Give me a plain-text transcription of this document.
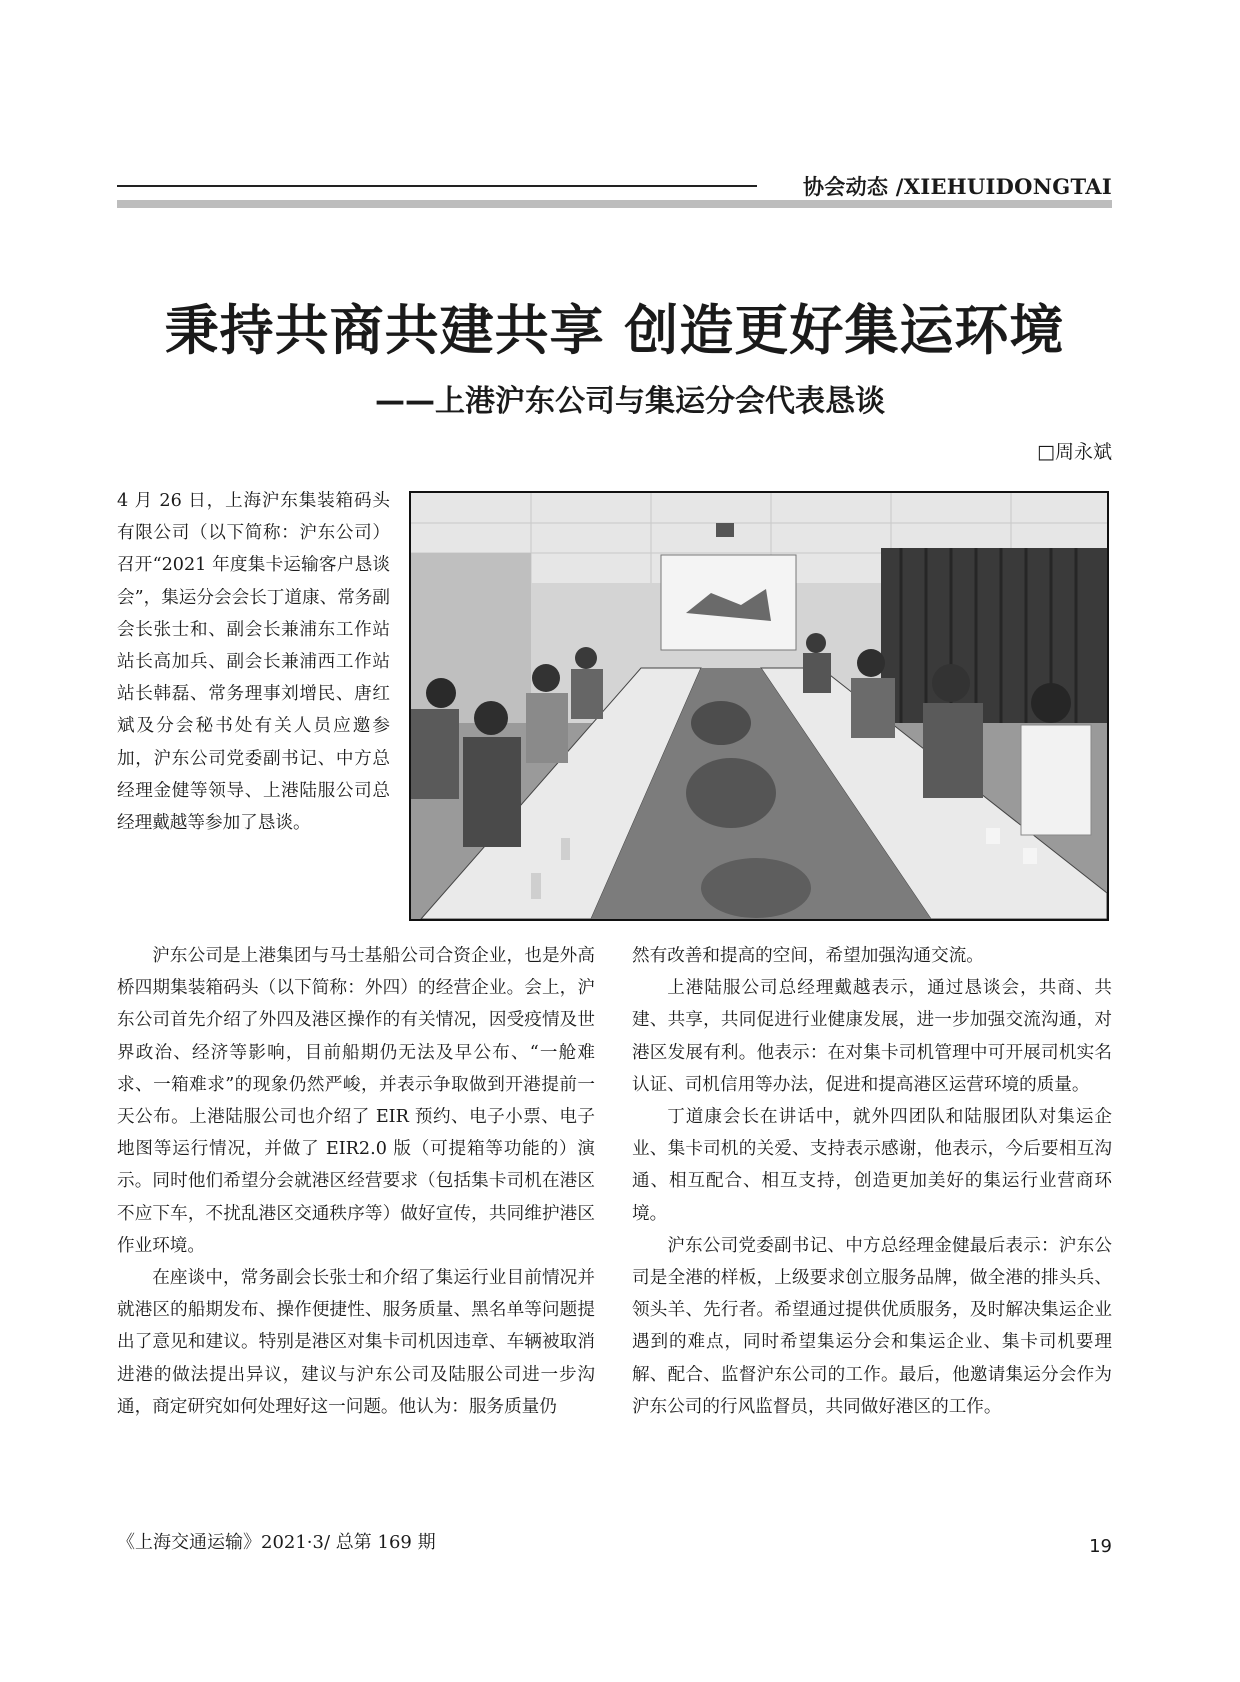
协会动态 /XIEHUIDONGTAI
秉持共商共建共享 创造更好集运环境
——上港沪东公司与集运分会代表恳谈
□周永斌

4 月 26 日，上海沪东集装箱码头有限公司（以下简称：沪东公司）召开“2021 年度集卡运输客户恳谈会”，集运分会会长丁道康、常务副会长张士和、副会长兼浦东工作站站长高加兵、副会长兼浦西工作站站长韩磊、常务理事刘增民、唐红斌及分会秘书处有关人员应邀参加，沪东公司党委副书记、中方总经理金健等领导、上港陆服公司总经理戴越等参加了恳谈。

沪东公司是上港集团与马士基船公司合资企业，也是外高桥四期集装箱码头（以下简称：外四）的经营企业。会上，沪东公司首先介绍了外四及港区操作的有关情况，因受疫情及世界政治、经济等影响，目前船期仍无法及早公布、“一舱难求、一箱难求”的现象仍然严峻，并表示争取做到开港提前一天公布。上港陆服公司也介绍了 EIR 预约、电子小票、电子地图等运行情况，并做了 EIR2.0 版（可提箱等功能的）演示。同时他们希望分会就港区经营要求（包括集卡司机在港区不应下车，不扰乱港区交通秩序等）做好宣传，共同维护港区作业环境。

在座谈中，常务副会长张士和介绍了集运行业目前情况并就港区的船期发布、操作便捷性、服务质量、黑名单等问题提出了意见和建议。特别是港区对集卡司机因违章、车辆被取消进港的做法提出异议，建议与沪东公司及陆服公司进一步沟通，商定研究如何处理好这一问题。他认为：服务质量仍

然有改善和提高的空间，希望加强沟通交流。

上港陆服公司总经理戴越表示，通过恳谈会，共商、共建、共享，共同促进行业健康发展，进一步加强交流沟通，对港区发展有利。他表示：在对集卡司机管理中可开展司机实名认证、司机信用等办法，促进和提高港区运营环境的质量。

丁道康会长在讲话中，就外四团队和陆服团队对集运企业、集卡司机的关爱、支持表示感谢，他表示，今后要相互沟通、相互配合、相互支持，创造更加美好的集运行业营商环境。

沪东公司党委副书记、中方总经理金健最后表示：沪东公司是全港的样板，上级要求创立服务品牌，做全港的排头兵、领头羊、先行者。希望通过提供优质服务，及时解决集运企业遇到的难点，同时希望集运分会和集运企业、集卡司机要理解、配合、监督沪东公司的工作。最后，他邀请集运分会作为沪东公司的行风监督员，共同做好港区的工作。

《上海交通运输》2021·3/ 总第 169 期	19
